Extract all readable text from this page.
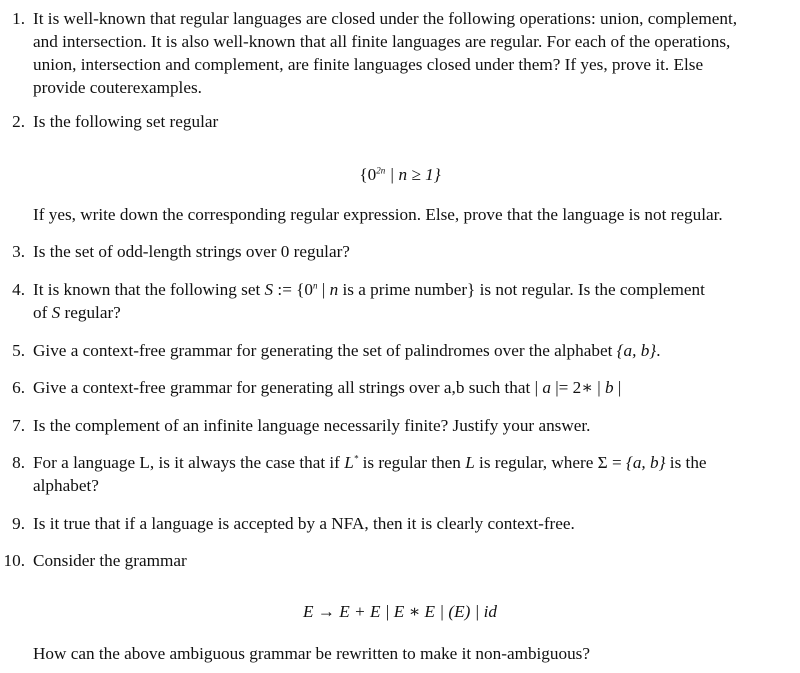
1. It is well-known that regular languages are closed under the following operations: union, complement,
and intersection. It is also well-known that all finite languages are regular. For each of the operations,
union, intersection and complement, are finite languages closed under them? If yes, prove it. Else
provide couterexamples.
2. Is the following set regular
{$0^{2n}$ | n ≥ 1}
If yes, write down the corresponding regular expression. Else, prove that the language is not regular.
3. Is the set of odd-length strings over 0 regular?
4. It is known that the following set S := {$0^n$ | n is a prime number} is not regular. Is the complement
of S regular?
5. Give a context-free grammar for generating the set of palindromes over the alphabet {a, b}.
6. Give a context-free grammar for generating all strings over a,b such that | a |= 2∗ | b |
7. Is the complement of an infinite language necessarily finite? Justify your answer.
8. For a language L, is it always the case that if L* is regular then L is regular, where Σ = {a, b} is the
alphabet?
9. Is it true that if a language is accepted by a NFA, then it is clearly context-free.
10. Consider the grammar
E → E + E | E ∗ E | (E) | id
How can the above ambiguous grammar be rewritten to make it non-ambiguous?
